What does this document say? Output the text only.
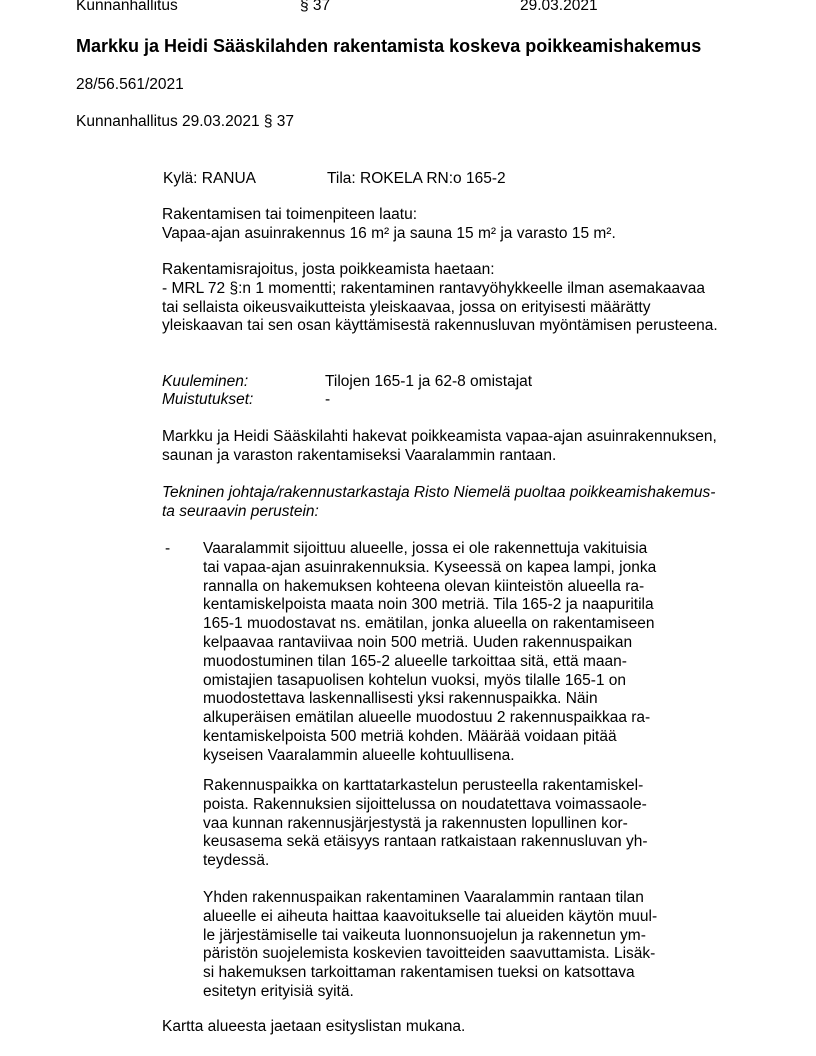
Kunnanhallitus	§ 37	29.03.2021
Markku ja Heidi Sääskilahden rakentamista koskeva poikkeamishakemus
28/56.561/2021
Kunnanhallitus 29.03.2021 § 37
Kylä: RANUA	Tila: ROKELA RN:o 165-2
Rakentamisen tai toimenpiteen laatu:
Vapaa-ajan asuinrakennus 16 m² ja sauna 15 m² ja varasto 15 m².
Rakentamisrajoitus, josta poikkeamista haetaan:
- MRL 72 §:n 1 momentti; rakentaminen rantavyöhykkeelle ilman asemakaavaa
tai sellaista oikeusvaikutteista yleiskaavaa, jossa on erityisesti määrätty
yleiskaavan tai sen osan käyttämisestä rakennusluvan myöntämisen perusteena.
Kuuleminen:	Tilojen 165-1 ja 62-8 omistajat
Muistutukset:	-
Markku ja Heidi Sääskilahti hakevat poikkeamista vapaa-ajan asuinrakennuksen,
saunan ja varaston rakentamiseksi Vaaralammin rantaan.
Tekninen johtaja/rakennustarkastaja Risto Niemelä puoltaa poikkeamishakemus-
ta seuraavin perustein:
- Vaaralammit sijoittuu alueelle, jossa ei ole rakennettuja vakituisia
tai vapaa-ajan asuinrakennuksia. Kyseessä on kapea lampi, jonka
rannalla on hakemuksen kohteena olevan kiinteistön alueella ra-
kentamiskelpoista maata noin 300 metriä. Tila 165-2 ja naapuritila
165-1 muodostavat ns. emätilan, jonka alueella on rakentamiseen
kelpaavaa rantaviivaa noin 500 metriä. Uuden rakennuspaikan
muodostuminen tilan 165-2 alueelle tarkoittaa sitä, että maan-
omistajien tasapuolisen kohtelun vuoksi, myös tilalle 165-1 on
muodostettava laskennallisesti yksi rakennuspaikka. Näin
alkuperäisen emätilan alueelle muodostuu 2 rakennuspaikkaa ra-
kentamiskelpoista 500 metriä kohden. Määrää voidaan pitää
kyseisen Vaaralammin alueelle kohtuullisena.
Rakennuspaikka on karttatarkastelun perusteella rakentamiskel-
poista. Rakennuksien sijoittelussa on noudatettava voimassaole-
vaa kunnan rakennusjärjestystä ja rakennusten lopullinen kor-
keusasema sekä etäisyys rantaan ratkaistaan rakennusluvan yh-
teydessä.
Yhden rakennuspaikan rakentaminen Vaaralammin rantaan tilan
alueelle ei aiheuta haittaa kaavoitukselle tai alueiden käytön muul-
le järjestämiselle tai vaikeuta luonnonsuojelun ja rakennetun ym-
päristön suojelemista koskevien tavoitteiden saavuttamista. Lisäk-
si hakemuksen tarkoittaman rakentamisen tueksi on katsottava
esitetyn erityisiä syitä.
Kartta alueesta jaetaan esityslistan mukana.
